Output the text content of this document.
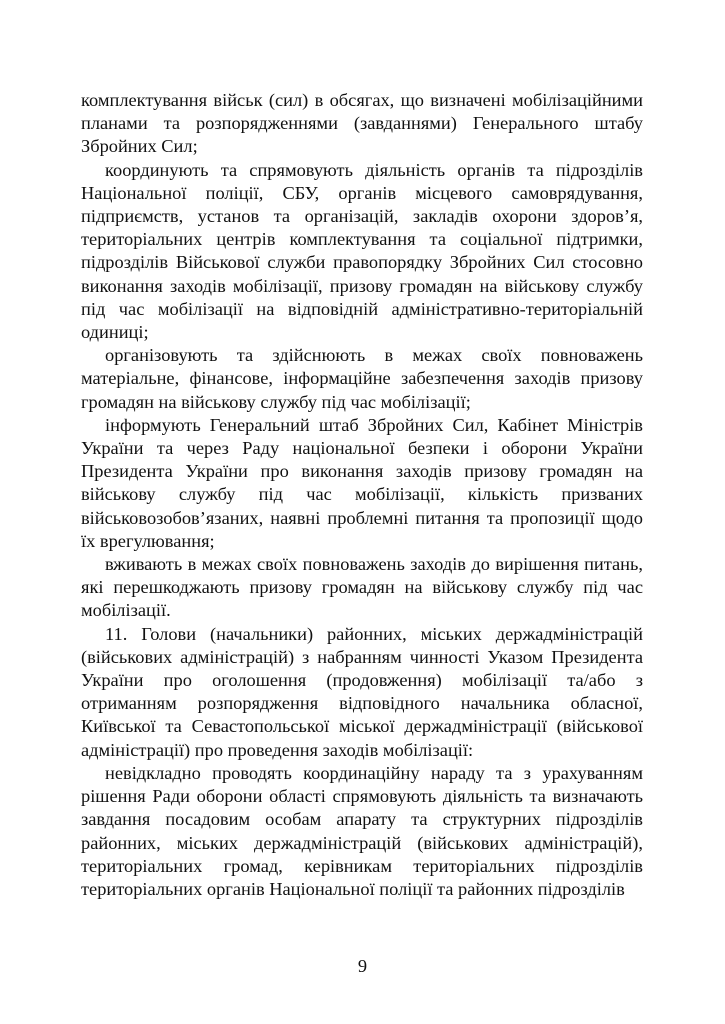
комплектування військ (сил) в обсягах, що визначені мобілізаційними планами та розпорядженнями (завданнями) Генерального штабу Збройних Сил;

координують та спрямовують діяльність органів та підрозділів Національної поліції, СБУ, органів місцевого самоврядування, підприємств, установ та організацій, закладів охорони здоров’я, територіальних центрів комплектування та соціальної підтримки, підрозділів Військової служби правопорядку Збройних Сил стосовно виконання заходів мобілізації, призову громадян на військову службу під час мобілізації на відповідній адміністративно-територіальній одиниці;

організовують та здійснюють в межах своїх повноважень матеріальне, фінансове, інформаційне забезпечення заходів призову громадян на військову службу під час мобілізації;

інформують Генеральний штаб Збройних Сил, Кабінет Міністрів України та через Раду національної безпеки і оборони України Президента України про виконання заходів призову громадян на військову службу під час мобілізації, кількість призваних військовозобов’язаних, наявні проблемні питання та пропозиції щодо їх врегулювання;

вживають в межах своїх повноважень заходів до вирішення питань, які перешкоджають призову громадян на військову службу під час мобілізації.

11. Голови (начальники) районних, міських держадміністрацій (військових адміністрацій) з набранням чинності Указом Президента України про оголошення (продовження) мобілізації та/або з отриманням розпорядження відповідного начальника обласної, Київської та Севастопольської міської держадміністрації (військової адміністрації) про проведення заходів мобілізації:

невідкладно проводять координаційну нараду та з урахуванням рішення Ради оборони області спрямовують діяльність та визначають завдання посадовим особам апарату та структурних підрозділів районних, міських держадміністрацій (військових адміністрацій), територіальних громад, керівникам територіальних підрозділів територіальних органів Національної поліції та районних підрозділів

9
